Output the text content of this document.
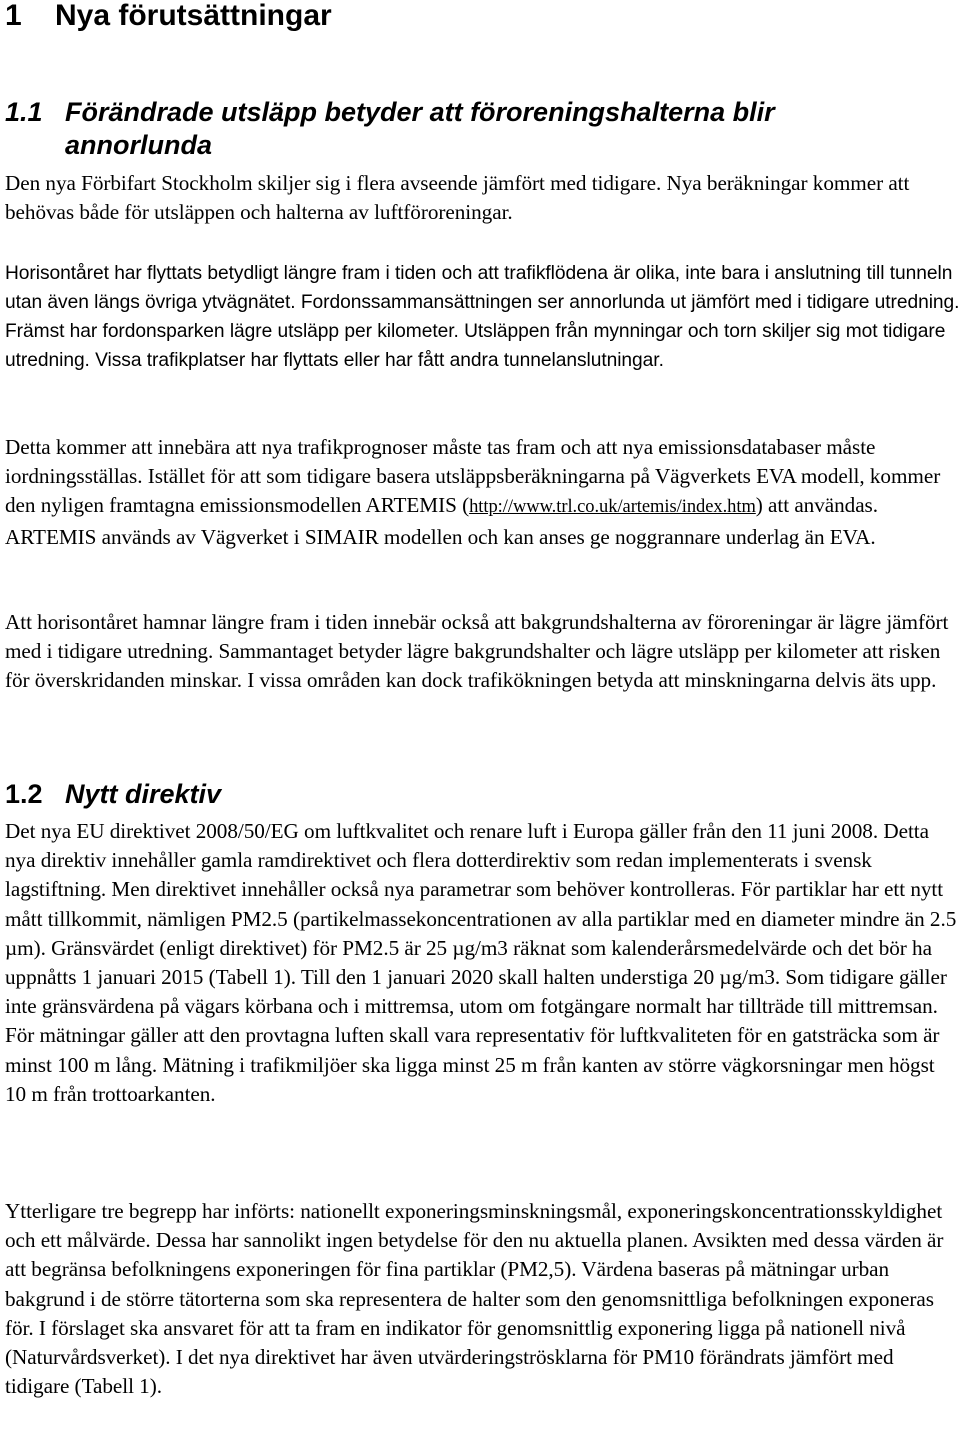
1 Nya förutsättningar
1.1 Förändrade utsläpp betyder att föroreningshalterna blir annorlunda

Den nya Förbifart Stockholm skiljer sig i flera avseende jämfört med tidigare. Nya beräkningar kommer att behövas både för utsläppen och halterna av luftföroreningar.

Horisontåret har flyttats betydligt längre fram i tiden och att trafikflödena är olika, inte bara i anslutning till tunneln utan även längs övriga ytvägnätet. Fordonssammansättningen ser annorlunda ut jämfört med i tidigare utredning. Främst har fordonsparken lägre utsläpp per kilometer. Utsläppen från mynningar och torn skiljer sig mot tidigare utredning. Vissa trafikplatser har flyttats eller har fått andra tunnelanslutningar.

Detta kommer att innebära att nya trafikprognoser måste tas fram och att nya emissionsdatabaser måste iordningsställas. Istället för att som tidigare basera utsläppsberäkningarna på Vägverkets EVA modell, kommer den nyligen framtagna emissionsmodellen ARTEMIS (http://www.trl.co.uk/artemis/index.htm) att användas. ARTEMIS används av Vägverket i SIMAIR modellen och kan anses ge noggrannare underlag än EVA.

Att horisontåret hamnar längre fram i tiden innebär också att bakgrundshalterna av föroreningar är lägre jämfört med i tidigare utredning. Sammantaget betyder lägre bakgrundshalter och lägre utsläpp per kilometer att risken för överskridanden minskar. I vissa områden kan dock trafikökningen betyda att minskningarna delvis äts upp.

1.2 Nytt direktiv

Det nya EU direktivet 2008/50/EG om luftkvalitet och renare luft i Europa gäller från den 11 juni 2008. Detta nya direktiv innehåller gamla ramdirektivet och flera dotterdirektiv som redan implementerats i svensk lagstiftning. Men direktivet innehåller också nya parametrar som behöver kontrolleras. För partiklar har ett nytt mått tillkommit, nämligen PM2.5 (partikelmassekoncentrationen av alla partiklar med en diameter mindre än 2.5 µm). Gränsvärdet (enligt direktivet) för PM2.5 är 25 µg/m3 räknat som kalenderårsmedelvärde och det bör ha uppnåtts 1 januari 2015 (Tabell 1). Till den 1 januari 2020 skall halten understiga 20 µg/m3. Som tidigare gäller inte gränsvärdena på vägars körbana och i mittremsa, utom om fotgängare normalt har tillträde till mittremsan. För mätningar gäller att den provtagna luften skall vara representativ för luftkvaliteten för en gatsträcka som är minst 100 m lång. Mätning i trafikmiljöer ska ligga minst 25 m från kanten av större vägkorsningar men högst 10 m från trottoarkanten.

Ytterligare tre begrepp har införts: nationellt exponeringsminskningsmål, exponeringskoncentrationsskyldighet och ett målvärde. Dessa har sannolikt ingen betydelse för den nu aktuella planen. Avsikten med dessa värden är att begränsa befolkningens exponeringen för fina partiklar (PM2,5). Värdena baseras på mätningar urban bakgrund i de större tätorterna som ska representera de halter som den genomsnittliga befolkningen exponeras för. I förslaget ska ansvaret för att ta fram en indikator för genomsnittlig exponering ligga på nationell nivå (Naturvårdsverket). I det nya direktivet har även utvärderingströsklarna för PM10 förändrats jämfört med tidigare (Tabell 1).
